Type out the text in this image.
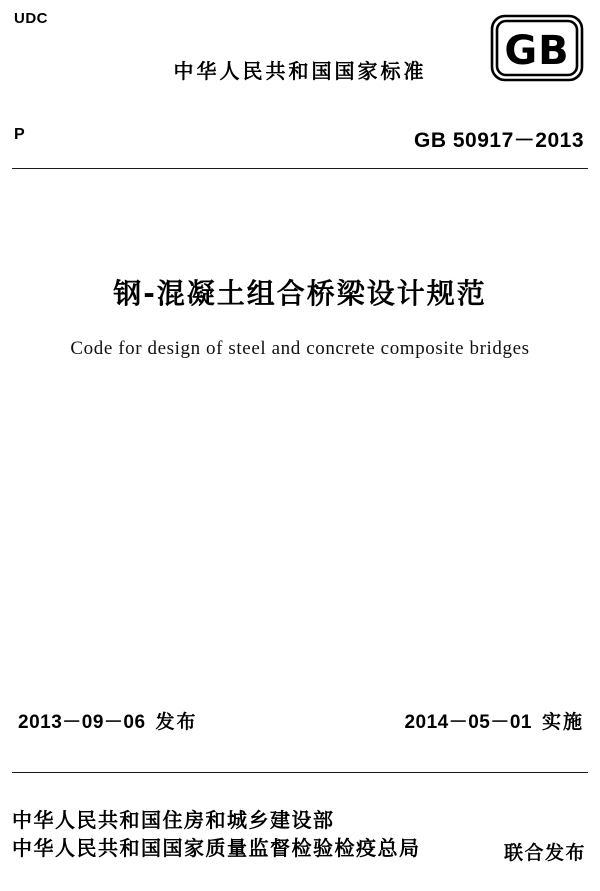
UDC
中华人民共和国国家标准	GB
P	GB 50917－2013
钢-混凝土组合桥梁设计规范
Code for design of steel and concrete composite bridges
2013－09－06 发布	2014－05－01 实施
中华人民共和国住房和城乡建设部
中华人民共和国国家质量监督检验检疫总局	联合发布
